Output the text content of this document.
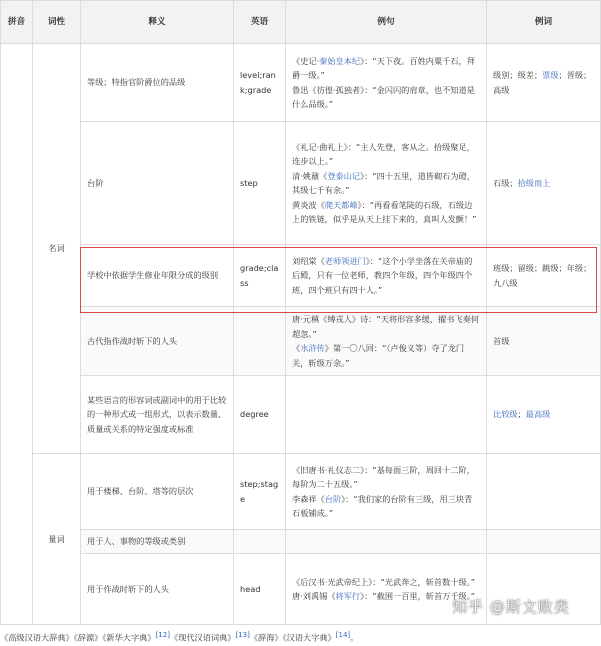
拼音	词性	释义	英语	例句	例词
	名词	等级；特指官阶爵位的品级	level;rank;grade	《史记·秦始皇本纪》：“天下夜。百姓内粟千石，拜爵一级。”
鲁迅《彷徨·孤独者》：“金闪闪的肩章，也不知道是什么品级。”	级别；级差；票级；晋级；高级
		台阶	step	《礼记·曲礼上》：“主人先登，客从之。拾级聚足，连步以上。”
清·姚鼐《登泰山记》：“四十五里，道皆砌石为磴，其级七千有余。”
黄炎波《爬天都峰》：“再看看笔陡的石级，石级边上的铁链，似乎是从天上挂下来的，真叫人发颤！”	石级；拾级而上
		学校中依据学生修业年限分成的级别	grade;class	刘绍棠《老师领进门》：“这个小学坐落在关帝庙的后殿，只有一位老师，教四个年级，四个年级四个班，四个班只有四十人。”	班级；留级；跳级；年级；九八级
		古代指作战时斩下的人头		唐·元稹《缚戎人》诗：“天将形容多缓，擢书飞奏何超忽。”
《水浒传》第一〇八回：“（卢俊义等）夺了龙门关，斩级万余。”	首级
		某些语言的形容词或副词中的用于比较的一种形式或一组形式，以表示数量、质量或关系的特定强度或标准	degree		比较级；最高级
	量词	用于楼梯、台阶、塔等的层次	step;stage	《旧唐书·礼仪志二》：“基每面三阶，周回十二阶，每阶为二十五级。”
李森祥《台阶》：“我们家的台阶有三级，用三块青石板铺成。”	
		用于人、事物的等级或类别			
		用于作战时斩下的人头	head	《后汉书·光武帝纪上》：“光武奔之，斩首数十级。”
唐·刘禹锡《将军行》：“截围一百里，斩首万千级。”	
《高级汉语大辞典》《辞源》《新华大字典》[12]《现代汉语词典》[13]《辞海》《汉语大字典》[14]。
知乎 @斯文败类
